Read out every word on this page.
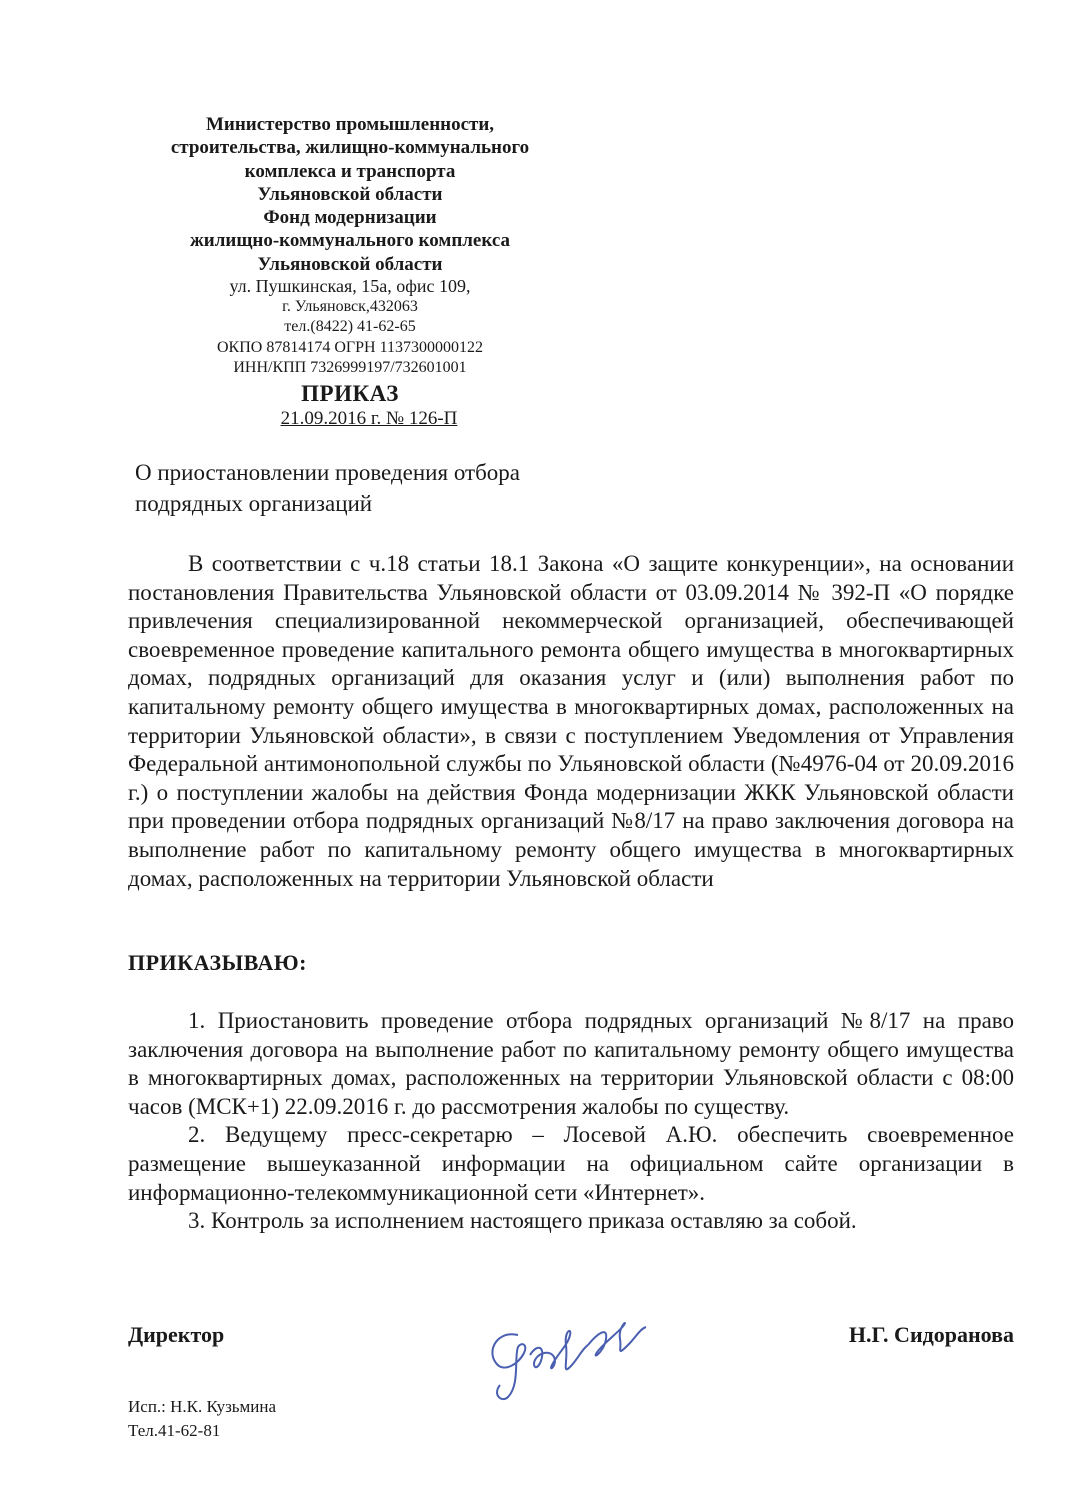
Министерство промышленности,
строительства, жилищно-коммунального
комплекса и транспорта
Ульяновской области
Фонд модернизации
жилищно-коммунального комплекса
Ульяновской области
ул. Пушкинская, 15а, офис 109,
г. Ульяновск,432063
тел.(8422) 41-62-65
ОКПО 87814174 ОГРН 1137300000122
ИНН/КПП 7326999197/732601001
ПРИКАЗ
21.09.2016 г. № 126-П
О приостановлении проведения отбора
подрядных организаций

В соответствии с ч.18 статьи 18.1 Закона «О защите конкуренции», на основании постановления Правительства Ульяновской области от 03.09.2014 № 392-П «О порядке привлечения специализированной некоммерческой организацией, обеспечивающей своевременное проведение капитального ремонта общего имущества в многоквартирных домах, подрядных организаций для оказания услуг и (или) выполнения работ по капитальному ремонту общего имущества в многоквартирных домах, расположенных на территории Ульяновской области», в связи с поступлением Уведомления от Управления Федеральной антимонопольной службы по Ульяновской области (№4976-04 от 20.09.2016 г.) о поступлении жалобы на действия Фонда модернизации ЖКК Ульяновской области при проведении отбора подрядных организаций №8/17 на право заключения договора на выполнение работ по капитальному ремонту общего имущества в многоквартирных домах, расположенных на территории Ульяновской области

ПРИКАЗЫВАЮ:

1. Приостановить проведение отбора подрядных организаций №8/17 на право заключения договора на выполнение работ по капитальному ремонту общего имущества в многоквартирных домах, расположенных на территории Ульяновской области с 08:00 часов (МСК+1) 22.09.2016 г. до рассмотрения жалобы по существу.

2. Ведущему пресс-секретарю – Лосевой А.Ю. обеспечить своевременное размещение вышеуказанной информации на официальном сайте организации в информационно-телекоммуникационной сети «Интернет».

3. Контроль за исполнением настоящего приказа оставляю за собой.

Директор	Н.Г. Сидоранова
Исп.: Н.К. Кузьмина
Тел.41-62-81
